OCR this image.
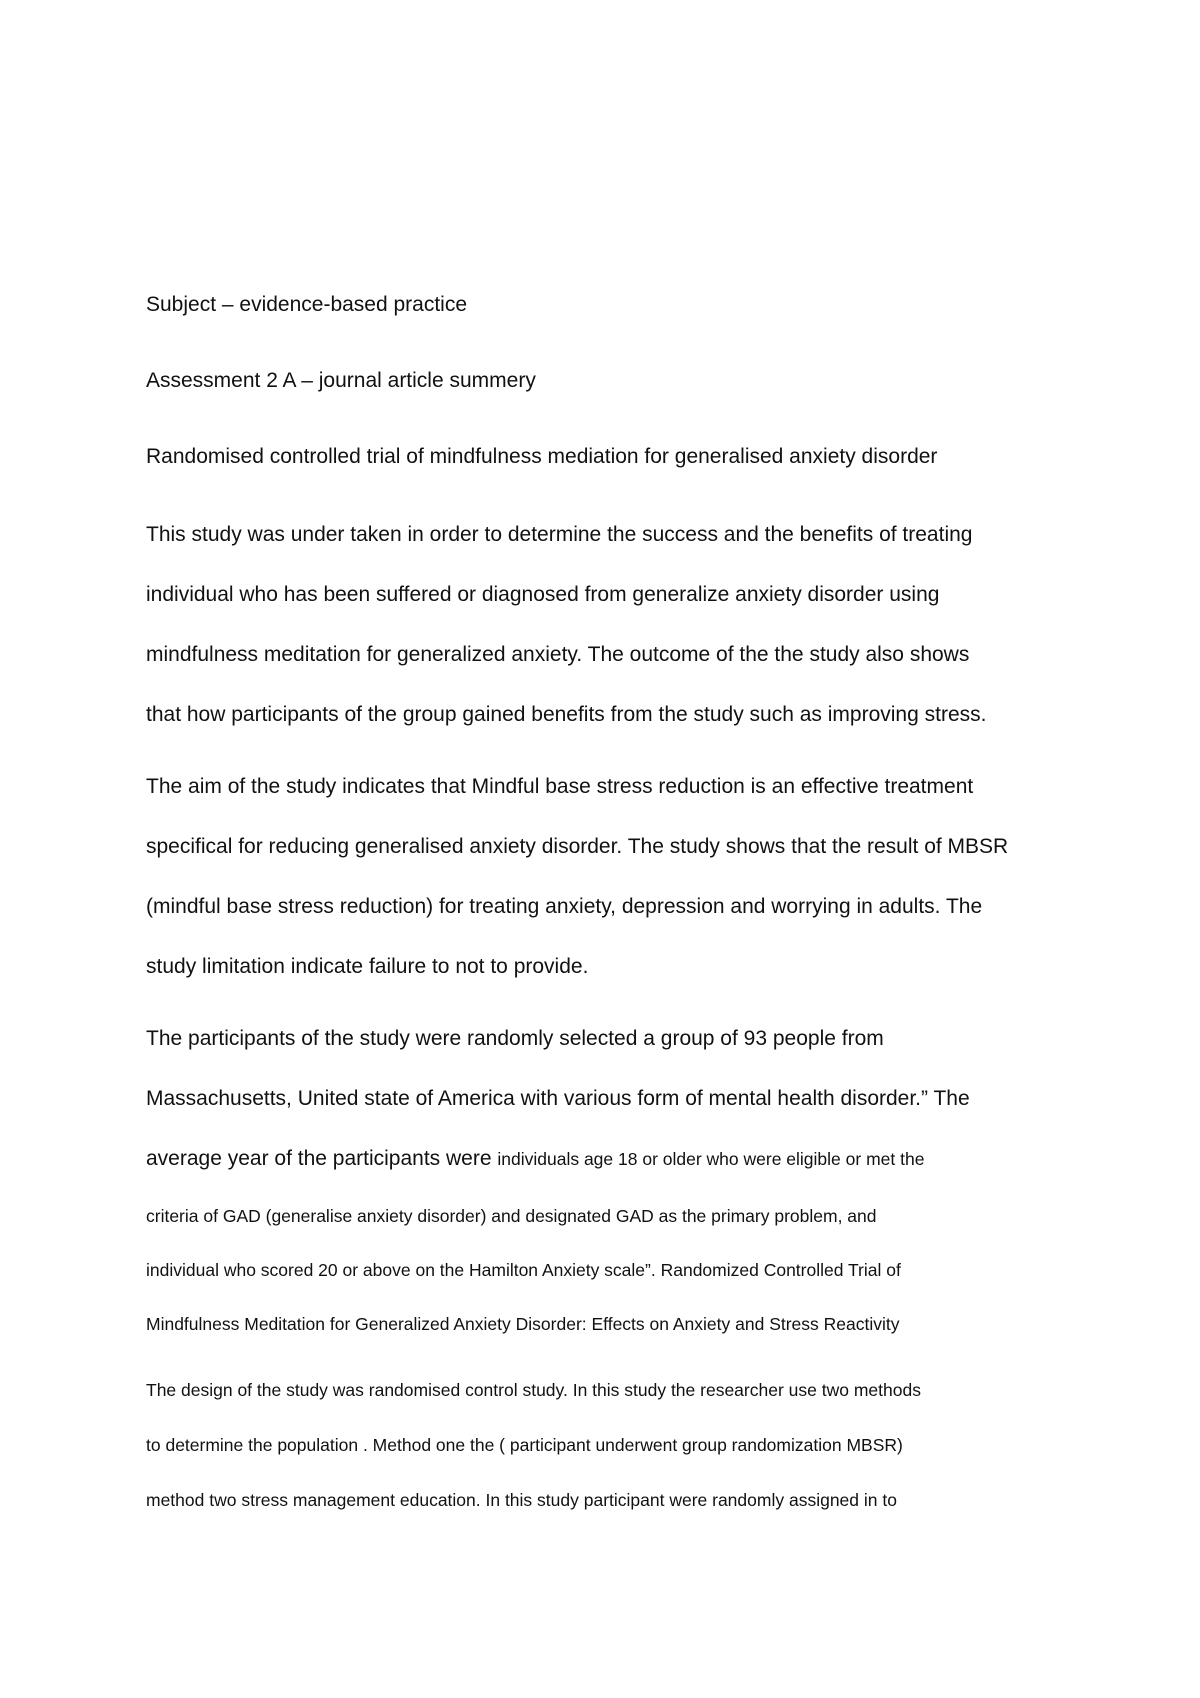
Subject – evidence-based practice
Assessment 2 A – journal article summery
Randomised controlled trial of mindfulness mediation for generalised anxiety disorder
This study was under taken in order to determine the success and the benefits of treating
individual who has been suffered or diagnosed from generalize anxiety disorder using
mindfulness meditation for generalized anxiety. The outcome of the the study also shows
that how participants of the group gained benefits from the study such as improving stress.
The aim of the study indicates that Mindful base stress reduction is an effective treatment
specifical for reducing generalised anxiety disorder. The study shows that the result of MBSR
(mindful base stress reduction) for treating anxiety, depression and worrying in adults. The
study limitation indicate failure to not to provide.
The participants of the study were randomly selected a group of 93 people from
Massachusetts, United state of America with various form of mental health disorder.” The
average year of the participants were individuals age 18 or older who were eligible or met the
criteria of GAD (generalise anxiety disorder) and designated GAD as the primary problem, and
individual who scored 20 or above on the Hamilton Anxiety scale”. Randomized Controlled Trial of
Mindfulness Meditation for Generalized Anxiety Disorder: Effects on Anxiety and Stress Reactivity
The design of the study was randomised control study. In this study the researcher use two methods
to determine the population . Method one the ( participant underwent group randomization MBSR)
method two stress management education. In this study participant were randomly assigned in to
